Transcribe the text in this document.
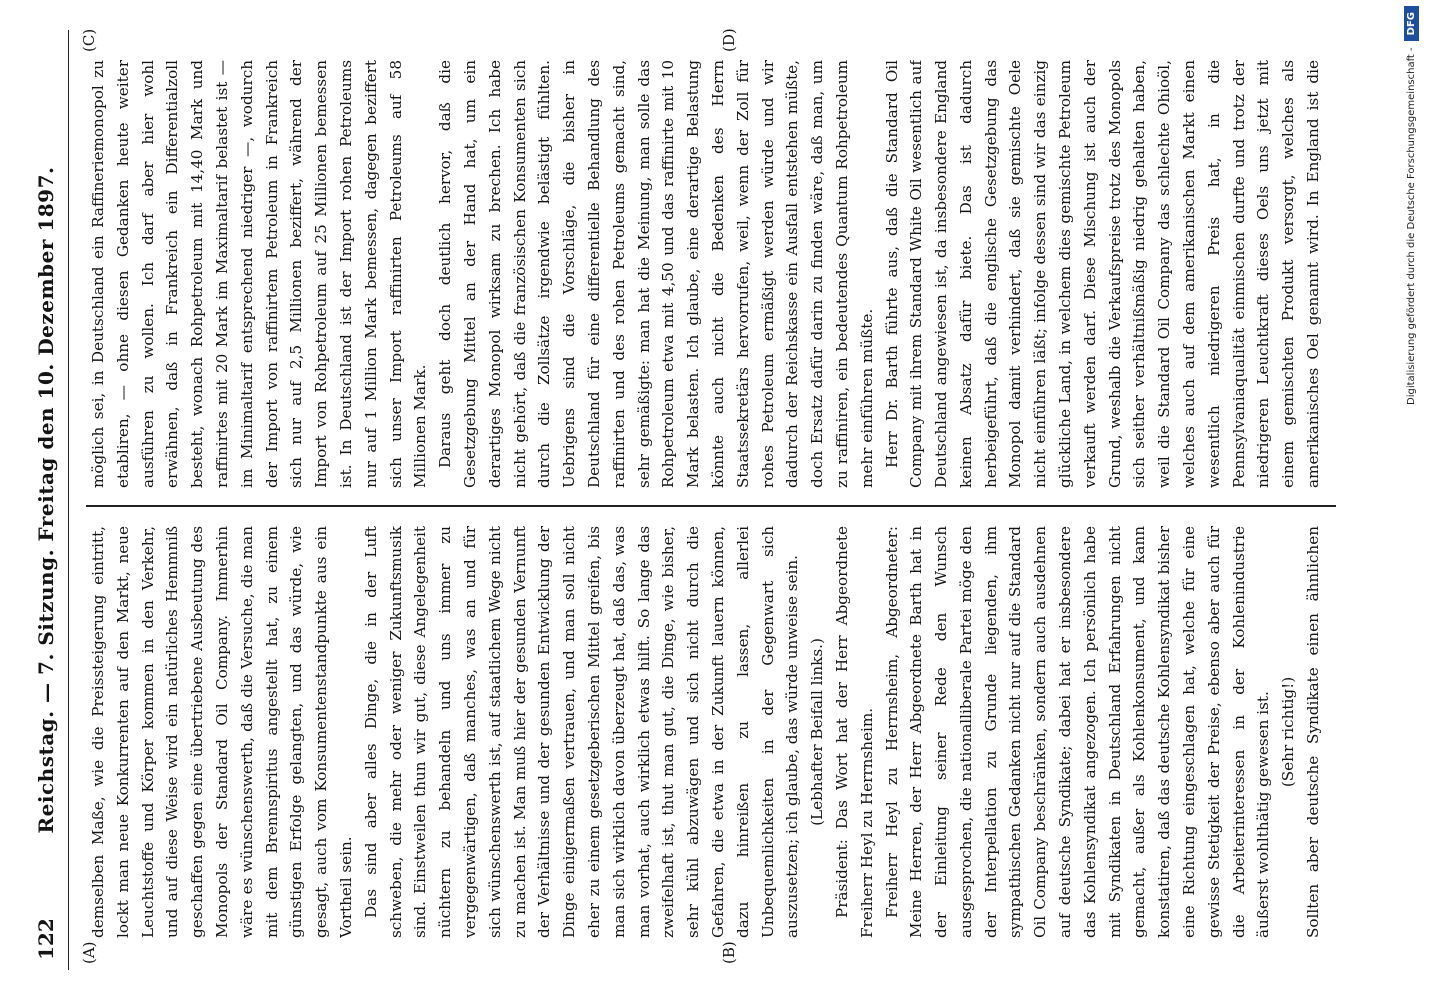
122
Reichstag. — 7. Sitzung. Freitag den 10. Dezember 1897. demselben Maße, wie die Preissteigerung eintritt, lockt man neue Konkurrenten auf den Markt, neue Leuchtstoffe und Körper kommen in den Verkehr, und auf diese Weise wird ein natürliches Hemmniß geschaffen gegen eine übertriebene Ausbeutung des Monopols der Standard Oil Company. Immerhin wäre es wünschenswerth, daß die Versuche, die man mit dem Brennspiritus angestellt hat, zu einem günstigen Erfolge gelangten, und das würde, wie gesagt, auch vom Konsumentenstandpunkte aus ein Vortheil sein. Das sind aber alles Dinge, die in der Luft schweben, die mehr oder weniger Zukunftsmusik sind. Einstweilen thun wir gut, diese Angelegenheit nüchtern zu behandeln und uns immer zu vergegenwärtigen, daß manches, was an und für sich wünschenswerth ist, auf staatlichem Wege nicht zu machen ist. Man muß hier der gesunden Vernunft der Verhältnisse und der gesunden Entwicklung der Dinge einigermaßen vertrauen, und man soll nicht eher zu einem gesetzgeberischen Mittel greifen, bis man sich wirklich davon überzeugt hat, daß das, was man vorhat, auch wirklich etwas hilft. So lange das zweifelhaft ist, thut man gut, die Dinge, wie bisher, sehr kühl abzuwägen und sich nicht durch die Gefahren, die etwa in der Zukunft lauern können, dazu hinreißen zu lassen, allerlei Unbequemlichkeiten in der Gegenwart sich auszusetzen; ich glaube, das würde unweise sein. (Lebhafter Beifall links.) Präsident: Das Wort hat der Herr Abgeordnete Freiherr Heyl zu Herrnsheim. Freiherr Heyl zu Herrnsheim, Abgeordneter: Meine Herren, der Herr Abgeordnete Barth hat in der Einleitung seiner Rede den Wunsch ausgesprochen, die nationalliberale Partei möge den der Interpellation zu Grunde liegenden, ihm sympathischen Gedanken nicht nur auf die Standard Oil Company beschränken, sondern auch ausdehnen auf deutsche Syndikate; dabei hat er insbesondere das Kohlensyndikat angezogen. Ich persönlich habe mit Syndikaten in Deutschland Erfahrungen nicht gemacht, außer als Kohlenkonsument, und kann konstatiren, daß das deutsche Kohlensyndikat bisher eine Richtung eingeschlagen hat, welche für eine gewisse Stetigkeit der Preise, ebenso aber auch für die Arbeiterinteressen in der Kohlenindustrie äußerst wohlthätig gewesen ist. (Sehr richtig!)

Sollten aber deutsche Syndikate einen ähnlichen

möglich sei, in Deutschland ein Raffineriemonopol zu etabliren, — ohne diesen Gedanken heute weiter ausführen zu wollen. Ich darf aber hier wohl erwähnen, daß in Frankreich ein Differentialzoll besteht, wonach Rohpetroleum mit 14,40 Mark und raffinirtes mit 20 Mark im Maximaltarif belastet ist — im Minimaltarif entsprechend niedriger —, wodurch der Import von raffinirtem Petroleum in Frankreich sich nur auf 2,5 Millionen beziffert, während der Import von Rohpetroleum auf 25 Millionen bemessen ist. In Deutschland ist der Import rohen Petroleums nur auf 1 Million Mark bemessen, dagegen beziffert sich unser Import raffinirten Petroleums auf 58 Millionen Mark. Daraus geht doch deutlich hervor, daß die Gesetzgebung Mittel an der Hand hat, um ein derartiges Monopol wirksam zu brechen. Ich habe nicht gehört, daß die französischen Konsumenten sich durch die Zollsätze irgendwie belästigt fühlten. Uebrigens sind die Vorschläge, die bisher in Deutschland für eine differentielle Behandlung des raffinirten und des rohen Petroleums gemacht sind, sehr gemäßigte: man hat die Meinung, man solle das Rohpetroleum etwa mit 4,50 und das raffinirte mit 10 Mark belasten. Ich glaube, eine derartige Belastung könnte auch nicht die Bedenken des Herrn Staatssekretärs hervorrufen, weil, wenn der Zoll für rohes Petroleum ermäßigt werden würde und wir dadurch der Reichskasse ein Ausfall entstehen müßte, doch Ersatz dafür darin zu finden wäre, daß man, um zu raffiniren, ein bedeutendes Quantum Rohpetroleum mehr einführen müßte. Herr Dr. Barth führte aus, daß die Standard Oil Company mit ihrem Standard White Oil wesentlich auf Deutschland angewiesen ist, da insbesondere England keinen Absatz dafür biete. Das ist dadurch herbeigeführt, daß die englische Gesetzgebung das Monopol damit verhindert, daß sie gemischte Oele nicht einführen läßt; infolge dessen sind wir das einzig glückliche Land, in welchem dies gemischte Petroleum verkauft werden darf. Diese Mischung ist auch der Grund, weshalb die Verkaufspreise trotz des Monopols sich seither verhältnißmäßig niedrig gehalten haben, weil die Standard Oil Company das schlechte Ohioöl, welches auch auf dem amerikanischen Markt einen wesentlich niedrigeren Preis hat, in die Pennsylvaniaqualität einmischen durfte und trotz der niedrigeren Leuchtkraft dieses Oels uns jetzt mit einem gemischten Produkt versorgt, welches als amerikanisches Oel genannt wird. In England ist die

(A)	(B)
(C)	(D)
Digitalisierung gefördert durch die Deutsche Forschungsgemeinschaft -
DFG
